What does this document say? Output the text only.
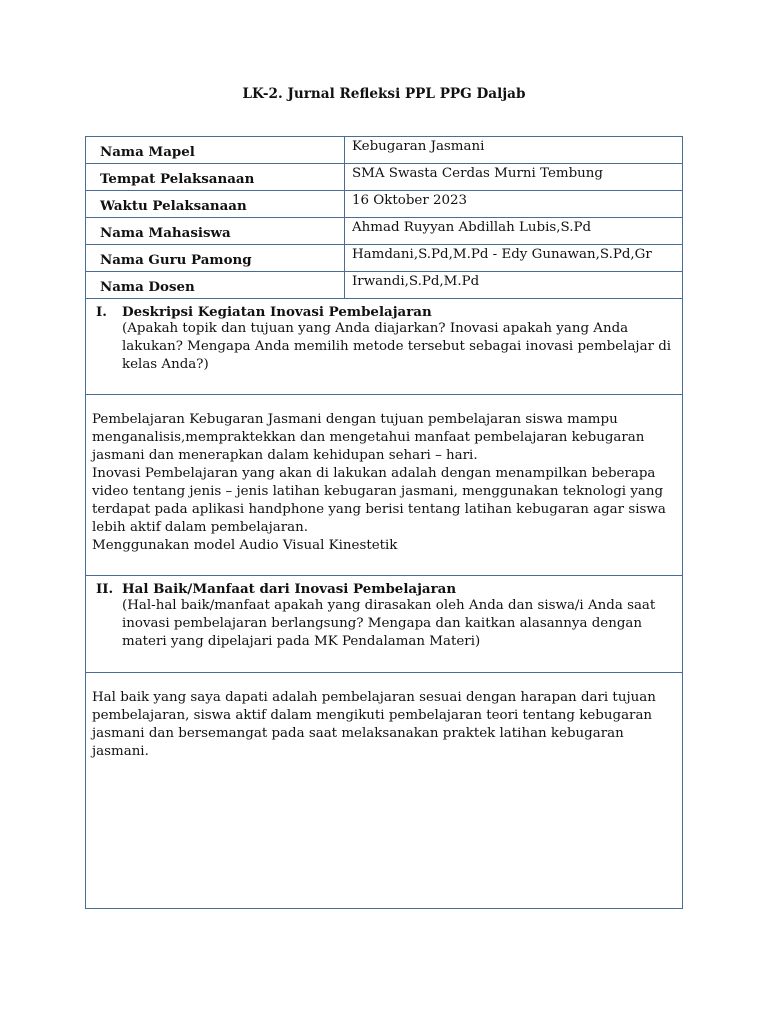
LK-2. Jurnal Refleksi PPL PPG Daljab
Nama Mapel	Kebugaran Jasmani
Tempat Pelaksanaan	SMA Swasta Cerdas Murni Tembung
Waktu Pelaksanaan	16 Oktober 2023
Nama Mahasiswa	Ahmad Ruyyan Abdillah Lubis,S.Pd
Nama Guru Pamong	Hamdani,S.Pd,M.Pd - Edy Gunawan,S.Pd,Gr
Nama Dosen	Irwandi,S.Pd,M.Pd
I. Deskripsi Kegiatan Inovasi Pembelajaran
(Apakah topik dan tujuan yang Anda diajarkan? Inovasi apakah yang Anda lakukan? Mengapa Anda memilih metode tersebut sebagai inovasi pembelajar di kelas Anda?)

Pembelajaran Kebugaran Jasmani dengan tujuan pembelajaran siswa mampu menganalisis,mempraktekkan dan mengetahui manfaat pembelajaran kebugaran jasmani dan menerapkan dalam kehidupan sehari – hari.

Inovasi Pembelajaran yang akan di lakukan adalah dengan menampilkan beberapa video tentang jenis – jenis latihan kebugaran jasmani, menggunakan teknologi yang terdapat pada aplikasi handphone yang berisi tentang latihan kebugaran agar siswa lebih aktif dalam pembelajaran.

Menggunakan model Audio Visual Kinestetik

II. Hal Baik/Manfaat dari Inovasi Pembelajaran
(Hal-hal baik/manfaat apakah yang dirasakan oleh Anda dan siswa/i Anda saat inovasi pembelajaran berlangsung? Mengapa dan kaitkan alasannya dengan materi yang dipelajari pada MK Pendalaman Materi)

Hal baik yang saya dapati adalah pembelajaran sesuai dengan harapan dari tujuan pembelajaran, siswa aktif dalam mengikuti pembelajaran teori tentang kebugaran jasmani dan bersemangat pada saat melaksanakan praktek latihan kebugaran jasmani.
